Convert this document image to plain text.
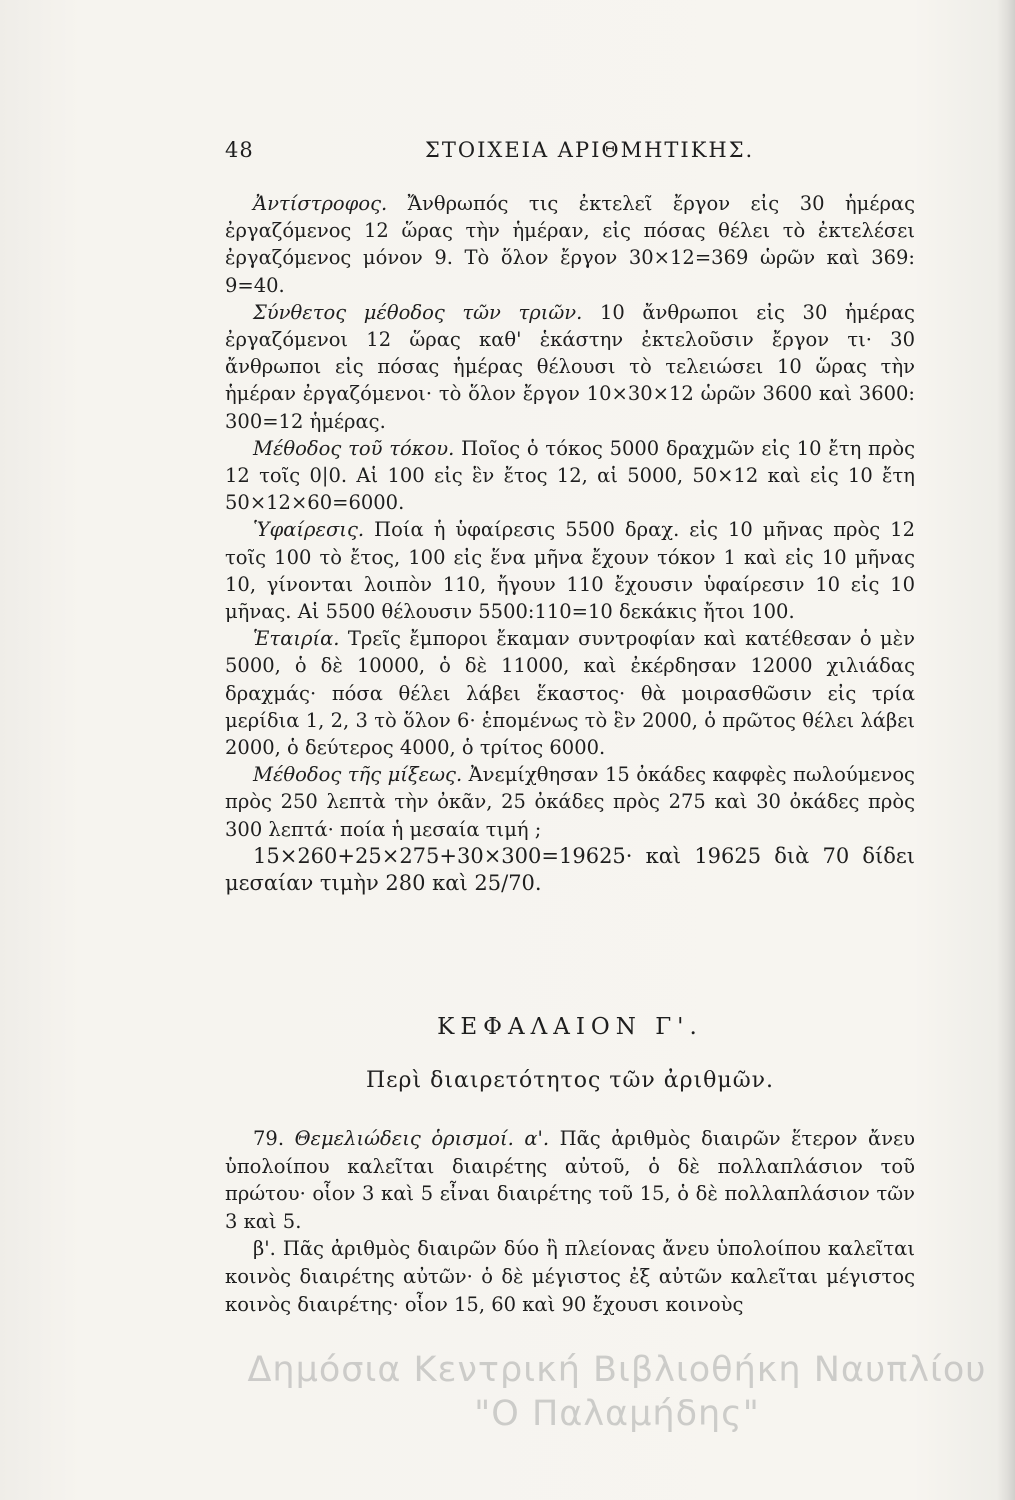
48	ΣΤΟΙΧΕΙΑ ΑΡΙΘΜΗΤΙΚΗΣ.

Ἀντίστροφος. Ἄνθρωπός τις ἐκτελεῖ ἔργον εἰς 30 ἡμέρας ἐργαζόμενος 12 ὥρας τὴν ἡμέραν, εἰς πόσας θέλει τὸ ἐκτελέσει ἐργαζόμενος μόνον 9. Τὸ ὅλον ἔργον 30×12=369 ὡρῶν καὶ 369: 9=40.

Σύνθετος μέθοδος τῶν τριῶν. 10 ἄνθρωποι εἰς 30 ἡμέρας ἐργαζόμενοι 12 ὥρας καθ' ἑκάστην ἐκτελοῦσιν ἔργον τι· 30 ἄνθρωποι εἰς πόσας ἡμέρας θέλουσι τὸ τελειώσει 10 ὥρας τὴν ἡμέραν ἐργαζόμενοι· τὸ ὅλον ἔργον 10×30×12 ὡρῶν 3600 καὶ 3600: 300=12 ἡμέρας.

Μέθοδος τοῦ τόκου. Ποῖος ὁ τόκος 5000 δραχμῶν εἰς 10 ἔτη πρὸς 12 τοῖς 0|0. Αἱ 100 εἰς ἓν ἔτος 12, αἱ 5000, 50×12 καὶ εἰς 10 ἔτη 50×12×60=6000.

Ὑφαίρεσις. Ποία ἡ ὑφαίρεσις 5500 δραχ. εἰς 10 μῆνας πρὸς 12 τοῖς 100 τὸ ἔτος, 100 εἰς ἕνα μῆνα ἔχουν τόκον 1 καὶ εἰς 10 μῆνας 10, γίνονται λοιπὸν 110, ἤγουν 110 ἔχουσιν ὑφαίρεσιν 10 εἰς 10 μῆνας. Αἱ 5500 θέλουσιν 5500:110=10 δεκάκις ἤτοι 100.

Ἑταιρία. Τρεῖς ἔμποροι ἔκαμαν συντροφίαν καὶ κατέθεσαν ὁ μὲν 5000, ὁ δὲ 10000, ὁ δὲ 11000, καὶ ἐκέρδησαν 12000 χιλιάδας δραχμάς· πόσα θέλει λάβει ἕκαστος· θὰ μοιρασθῶσιν εἰς τρία μερίδια 1, 2, 3 τὸ ὅλον 6· ἑπομένως τὸ ἓν 2000, ὁ πρῶτος θέλει λάβει 2000, ὁ δεύτερος 4000, ὁ τρίτος 6000.

Μέθοδος τῆς μίξεως. Ἀνεμίχθησαν 15 ὀκάδες καφφὲς πωλούμενος πρὸς 250 λεπτὰ τὴν ὀκᾶν, 25 ὀκάδες πρὸς 275 καὶ 30 ὀκάδες πρὸς 300 λεπτά· ποία ἡ μεσαία τιμή ;

15×260+25×275+30×300=19625· καὶ 19625 διὰ 70 δίδει μεσαίαν τιμὴν 280 καὶ 25/70.

ΚΕΦΑΛΑΙΟΝ Γ'.
Περὶ διαιρετότητος τῶν ἀριθμῶν.

79. Θεμελιώδεις ὁρισμοί. α'. Πᾶς ἀριθμὸς διαιρῶν ἕτερον ἄνευ ὑπολοίπου καλεῖται διαιρέτης αὐτοῦ, ὁ δὲ πολλαπλάσιον τοῦ πρώτου· οἷον 3 καὶ 5 εἶναι διαιρέτης τοῦ 15, ὁ δὲ πολλαπλάσιον τῶν 3 καὶ 5.

β'. Πᾶς ἀριθμὸς διαιρῶν δύο ἢ πλείονας ἄνευ ὑπολοίπου καλεῖται κοινὸς διαιρέτης αὐτῶν· ὁ δὲ μέγιστος ἐξ αὐτῶν καλεῖται μέγιστος κοινὸς διαιρέτης· οἷον 15, 60 καὶ 90 ἔχουσι κοινοὺς

Δημόσια Κεντρική Βιβλιοθήκη Ναυπλίου
"Ο Παλαμήδης"
